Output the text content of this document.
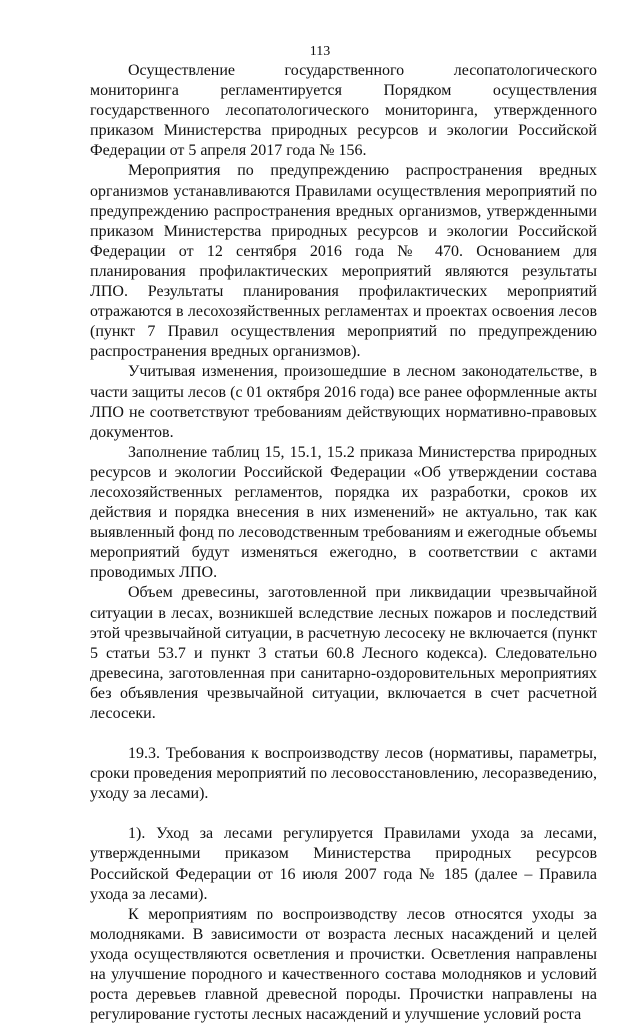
113

Осуществление государственного лесопатологического мониторинга регламентируется Порядком осуществления государственного лесопатологического мониторинга, утвержденного приказом Министерства природных ресурсов и экологии Российской Федерации от 5 апреля 2017 года № 156.

Мероприятия по предупреждению распространения вредных организмов устанавливаются Правилами осуществления мероприятий по предупреждению распространения вредных организмов, утвержденными приказом Министерства природных ресурсов и экологии Российской Федерации от 12 сентября 2016 года № 470. Основанием для планирования профилактических мероприятий являются результаты ЛПО. Результаты планирования профилактических мероприятий отражаются в лесохозяйственных регламентах и проектах освоения лесов (пункт 7 Правил осуществления мероприятий по предупреждению распространения вредных организмов).

Учитывая изменения, произошедшие в лесном законодательстве, в части защиты лесов (с 01 октября 2016 года) все ранее оформленные акты ЛПО не соответствуют требованиям действующих нормативно-правовых документов.

Заполнение таблиц 15, 15.1, 15.2 приказа Министерства природных ресурсов и экологии Российской Федерации «Об утверждении состава лесохозяйственных регламентов, порядка их разработки, сроков их действия и порядка внесения в них изменений» не актуально, так как выявленный фонд по лесоводственным требованиям и ежегодные объемы мероприятий будут изменяться ежегодно, в соответствии с актами проводимых ЛПО.

Объем древесины, заготовленной при ликвидации чрезвычайной ситуации в лесах, возникшей вследствие лесных пожаров и последствий этой чрезвычайной ситуации, в расчетную лесосеку не включается (пункт 5 статьи 53.7 и пункт 3 статьи 60.8 Лесного кодекса). Следовательно древесина, заготовленная при санитарно-оздоровительных мероприятиях без объявления чрезвычайной ситуации, включается в счет расчетной лесосеки.

19.3. Требования к воспроизводству лесов (нормативы, параметры, сроки проведения мероприятий по лесовосстановлению, лесоразведению, уходу за лесами).

1). Уход за лесами регулируется Правилами ухода за лесами, утвержденными приказом Министерства природных ресурсов Российской Федерации от 16 июля 2007 года № 185 (далее – Правила ухода за лесами).

К мероприятиям по воспроизводству лесов относятся уходы за молодняками. В зависимости от возраста лесных насаждений и целей ухода осуществляются осветления и прочистки. Осветления направлены на улучшение породного и качественного состава молодняков и условий роста деревьев главной древесной породы. Прочистки направлены на регулирование густоты лесных насаждений и улучшение условий роста
